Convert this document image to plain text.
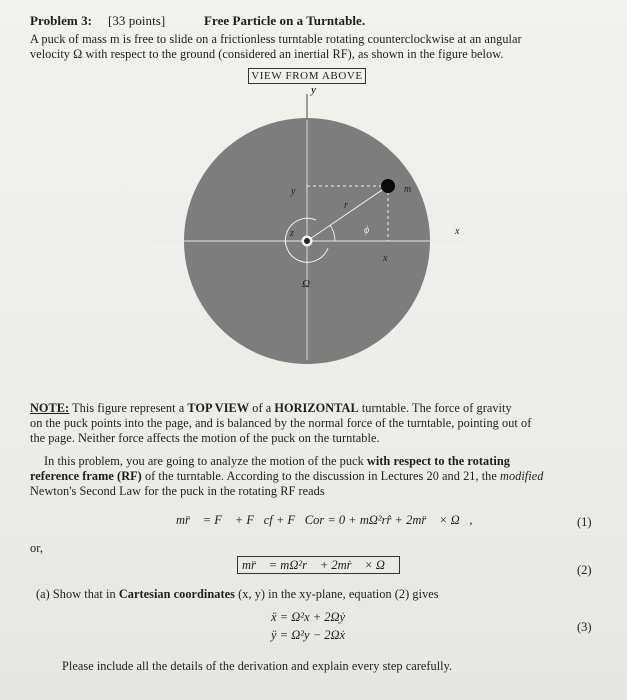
Problem 3: [33 points]	Free Particle on a Turntable.
A puck of mass m is free to slide on a frictionless turntable rotating counterclockwise at an angular
velocity Ω with respect to the ground (considered an inertial RF), as shown in the figure below.
VIEW FROM ABOVE
y
y	m
r
ϕ
z
x
x
Ω⃗
NOTE: This figure represent a TOP VIEW of a HORIZONTAL turntable. The force of gravity
on the puck points into the page, and is balanced by the normal force of the turntable, pointing out of
the page. Neither force affects the motion of the puck on the turntable.
In this problem, you are going to analyze the motion of the puck with respect to the rotating
reference frame (RF) of the turntable. According to the discussion in Lectures 20 and 21, the modified
Newton's Second Law for the puck in the rotating RF reads
mr̈⃗ = F⃗ + F⃗cf + F⃗Cor = 0 + mΩ²rr̂ + 2mr̈⃗ × Ω⃗,	(1)
or,
mr̈⃗ = mΩ²r⃗ + 2mṙ⃗ × Ω⃗	(2)
(a) Show that in Cartesian coordinates (x, y) in the xy-plane, equation (2) gives
ẍ = Ω²x + 2Ωẏ
ÿ = Ω²y − 2Ωẋ
(3)
Please include all the details of the derivation and explain every step carefully.
